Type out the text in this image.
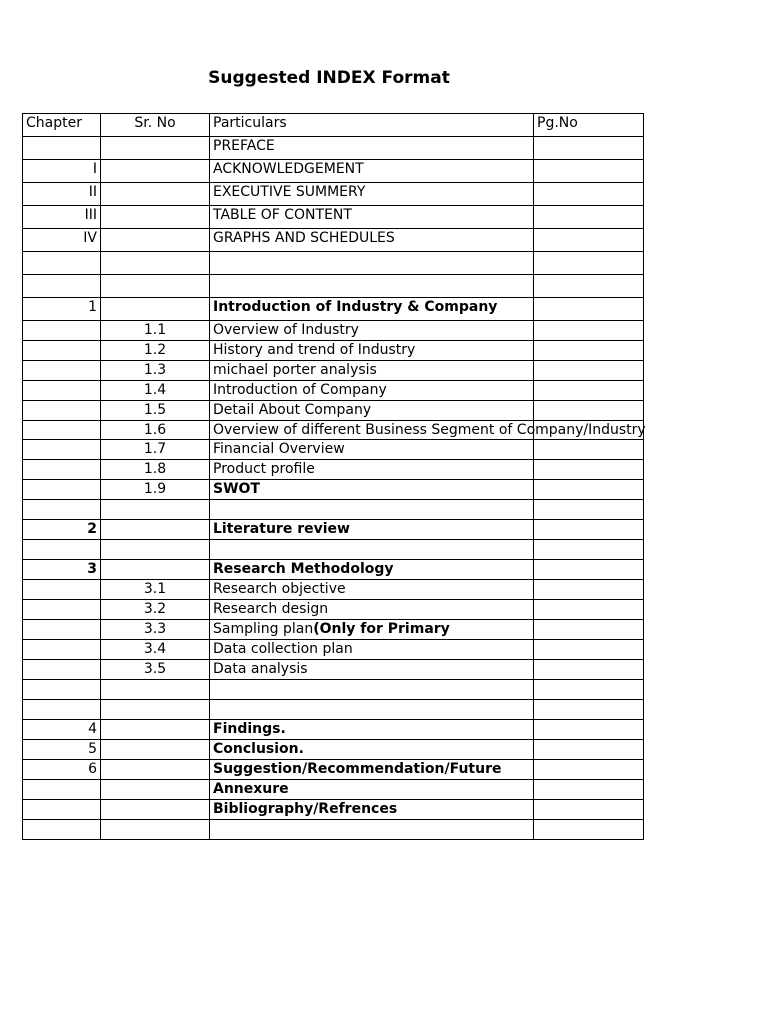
Suggested INDEX Format
Chapter	Sr. No	Particulars	Pg.No
		PREFACE	
I		ACKNOWLEDGEMENT	
II		EXECUTIVE SUMMERY	
III		TABLE OF CONTENT	
IV		GRAPHS AND SCHEDULES	

1		Introduction of Industry & Company	
	1.1	Overview of Industry	
	1.2	History and trend of Industry	
	1.3	michael porter analysis	
	1.4	Introduction of Company	
	1.5	Detail About Company	
	1.6	Overview of different Business Segment of Company/Industry	
	1.7	Financial Overview	
	1.8	Product profile	
	1.9	SWOT	

2		Literature review	

3		Research Methodology	
	3.1	Research objective	
	3.2	Research design	
	3.3	Sampling plan(Only for Primary	
	3.4	Data collection plan	
	3.5	Data analysis	

4		Findings.	
5		Conclusion.	
6		Suggestion/Recommendation/Future	
		Annexure	
		Bibliography/Refrences	
